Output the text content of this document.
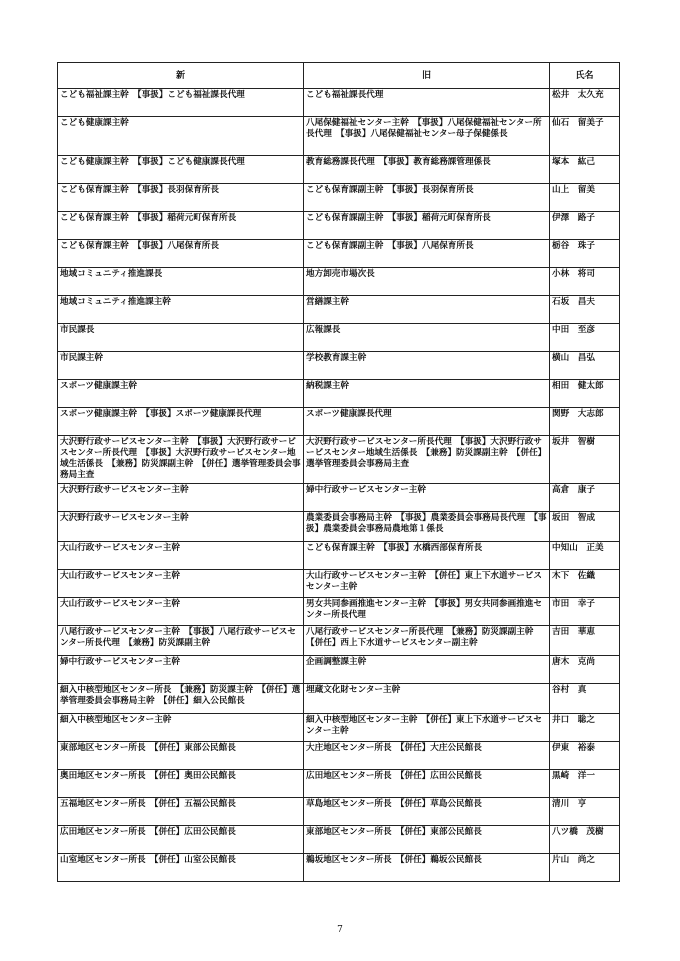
新	旧	氏名
こども福祉課主幹　【事扱】こども福祉課長代理	こども福祉課長代理	松井　太久充
こども健康課主幹	八尾保健福祉センター主幹　【事扱】八尾保健福祉センター所長代理　【事扱】八尾保健福祉センター母子保健係長	仙石　留美子
こども健康課主幹　【事扱】こども健康課長代理	教育総務課長代理　【事扱】教育総務課管理係長	塚本　紘己
こども保育課主幹　【事扱】長羽保育所長	こども保育課副主幹　【事扱】長羽保育所長	山上　留美
こども保育課主幹　【事扱】稲荷元町保育所長	こども保育課副主幹　【事扱】稲荷元町保育所長	伊澤　路子
こども保育課主幹　【事扱】八尾保育所長	こども保育課副主幹　【事扱】八尾保育所長	栃谷　珠子
地域コミュニティ推進課長	地方卸売市場次長	小林　将司
地域コミュニティ推進課主幹	営繕課主幹	石坂　昌夫
市民課長	広報課長	中田　至彦
市民課主幹	学校教育課主幹	横山　昌弘
スポーツ健康課主幹	納税課主幹	相田　健太郎
スポーツ健康課主幹　【事扱】スポーツ健康課長代理	スポーツ健康課長代理	関野　大志郎
大沢野行政サービスセンター主幹　【事扱】大沢野行政サービスセンター所長代理　【事扱】大沢野行政サービスセンター地域生活係長　【兼務】防災課副主幹　【併任】選挙管理委員会事務局主査	大沢野行政サービスセンター所長代理　【事扱】大沢野行政サービスセンター地域生活係長　【兼務】防災課副主幹　【併任】選挙管理委員会事務局主査	坂井　智樹
大沢野行政サービスセンター主幹	婦中行政サービスセンター主幹	高倉　康子
大沢野行政サービスセンター主幹	農業委員会事務局主幹　【事扱】農業委員会事務局長代理　【事扱】農業委員会事務局農地第１係長	坂田　智成
大山行政サービスセンター主幹	こども保育課主幹　【事扱】水橋西部保育所長	中知山　正美
大山行政サービスセンター主幹	大山行政サービスセンター主幹　【併任】東上下水道サービスセンター主幹	木下　佐織
大山行政サービスセンター主幹	男女共同参画推進センター主幹　【事扱】男女共同参画推進センター所長代理	市田　幸子
八尾行政サービスセンター主幹　【事扱】八尾行政サービスセンター所長代理　【兼務】防災課副主幹	八尾行政サービスセンター所長代理　【兼務】防災課副主幹　【併任】西上下水道サービスセンター副主幹	吉田　華恵
婦中行政サービスセンター主幹	企画調整課主幹	唐木　克尚
細入中核型地区センター所長　【兼務】防災課主幹　【併任】選挙管理委員会事務局主幹　【併任】細入公民館長	埋蔵文化財センター主幹	谷村　真
細入中核型地区センター主幹	細入中核型地区センター主幹　【併任】東上下水道サービスセンター主幹	井口　聡之
東部地区センター所長　【併任】東部公民館長	大庄地区センター所長　【併任】大庄公民館長	伊東　裕泰
奥田地区センター所長　【併任】奥田公民館長	広田地区センター所長　【併任】広田公民館長	黒崎　洋一
五福地区センター所長　【併任】五福公民館長	草島地区センター所長　【併任】草島公民館長	清川　亨
広田地区センター所長　【併任】広田公民館長	東部地区センター所長　【併任】東部公民館長	八ツ橋　茂樹
山室地区センター所長　【併任】山室公民館長	鵜坂地区センター所長　【併任】鵜坂公民館長	片山　尚之
7
